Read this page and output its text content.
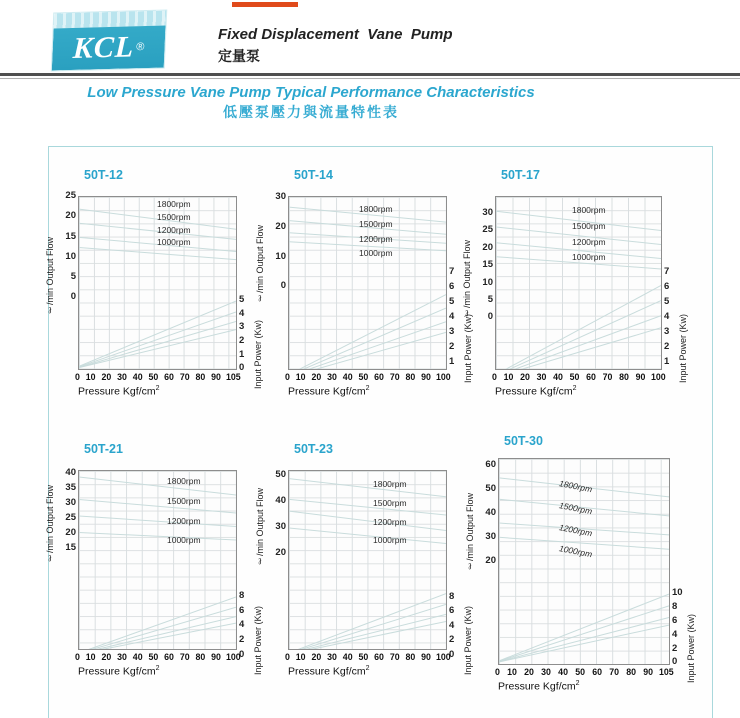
KCL ®
Fixed Displacement  Vane  Pump
定量泵
Low Pressure Vane Pump Typical Performance Characteristics
低壓泵壓力與流量特性表
50T-12
ℓ/min Output Flow
1800rpm
1500rpm
1200rpm
1000rpm
25
20
15
10
5
0	5
4
3
2
1
0 Input Power (Kw)
0 10 20 30 40 50 60 70 80 90 105
Pressure Kgf/$cm^2$
50T-14
ℓ/min Output Flow
1800rpm
1500rpm
1200rpm
1000rpm
30
20
10
0
7
6
5
4
3
2
1 Input Power (Kw)
0 10 20 30 40 50 60 70 80 90 100
Pressure Kgf/$cm^2$
50T-17
ℓ/min Output Flow
1800rpm
1500rpm
1200rpm
1000rpm
30
25
20
15
10
5
0
7
6
5
4
3
2
1 Input Power (Kw)
0 10 20 30 40 50 60 70 80 90 100
Pressure Kgf/$cm^2$
50T-21
ℓ/min Output Flow
1800rpm
1500rpm
1200rpm
1000rpm
40
35
30
25
20
15
8
6
4
2
0 Input Power (Kw)
0 10 20 30 40 50 60 70 80 90 100
Pressure Kgf/$cm^2$
50T-23
ℓ/min Output Flow
1800rpm
1500rpm
1200rpm
1000rpm
50
40
30
20
8
6
4
2
0 Input Power (Kw)
0 10 20 30 40 50 60 70 80 90 100
Pressure Kgf/$cm^2$
50T-30
ℓ/min Output Flow
1800rpm
1500rpm
1200rpm
1000rpm
60
50
40
30
20
10
8
6
4
2
0 Input Power (Kw)
0 10 20 30 40 50 60 70 80 90 105
Pressure Kgf/$cm^2$
